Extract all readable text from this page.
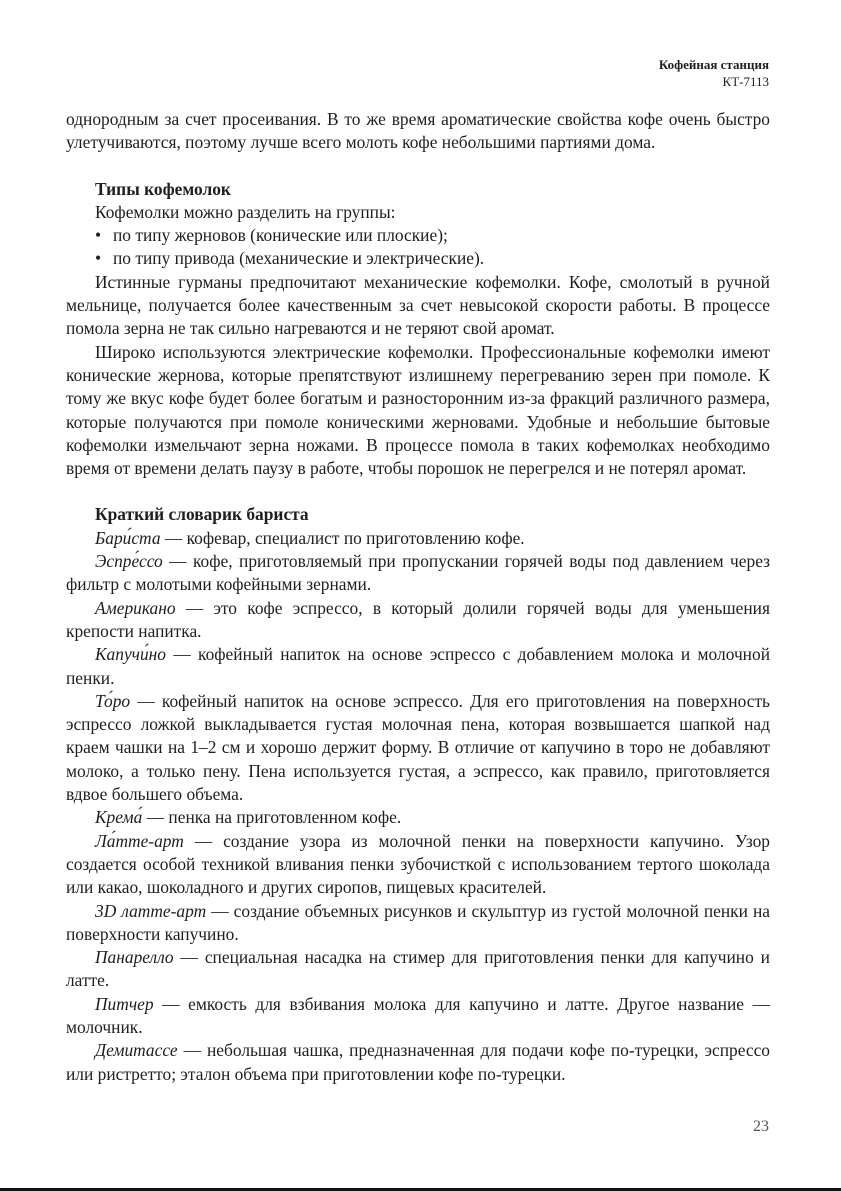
Кофейная станция
КТ-7113

однородным за счет просеивания. В то же время ароматические свойства кофе очень быстро улетучиваются, поэтому лучше всего молоть кофе небольшими партиями дома.

Типы кофемолок

Кофемолки можно разделить на группы:

• по типу жерновов (конические или плоские);
• по типу привода (механические и электрические).

Истинные гурманы предпочитают механические кофемолки. Кофе, смолотый в ручной мельнице, получается более качественным за счет невысокой скорости работы. В процессе помола зерна не так сильно нагреваются и не теряют свой аромат.

Широко используются электрические кофемолки. Профессиональные кофемолки имеют конические жернова, которые препятствуют излишнему перегреванию зерен при помоле. К тому же вкус кофе будет более богатым и разносторонним из-за фракций различного размера, которые получаются при помоле коническими жерновами. Удобные и небольшие бытовые кофемолки измельчают зерна ножами. В процессе помола в таких кофемолках необходимо время от времени делать паузу в работе, чтобы порошок не перегрелся и не потерял аромат.

Краткий словарик бариста

Бари́ста — кофевар, специалист по приготовлению кофе.

Эспре́ссо — кофе, приготовляемый при пропускании горячей воды под давлением через фильтр с молотыми кофейными зернами.

Американо — это кофе эспрессо, в который долили горячей воды для уменьшения крепости напитка.

Капучи́но — кофейный напиток на основе эспрессо с добавлением молока и молочной пенки.

То́ро — кофейный напиток на основе эспрессо. Для его приготовления на поверхность эспрессо ложкой выкладывается густая молочная пена, которая возвышается шапкой над краем чашки на 1–2 см и хорошо держит форму. В отличие от капучино в торо не добавляют молоко, а только пену. Пена используется густая, а эспрессо, как правило, приготовляется вдвое большего объема.

Крема́ — пенка на приготовленном кофе.

Ла́тте-арт — создание узора из молочной пенки на поверхности капучино. Узор создается особой техникой вливания пенки зубочисткой с использованием тертого шоколада или какао, шоколадного и других сиропов, пищевых красителей.

3D латте-арт — создание объемных рисунков и скульптур из густой молочной пенки на поверхности капучино.

Панарелло — специальная насадка на стимер для приготовления пенки для капучино и латте.

Питчер — емкость для взбивания молока для капучино и латте. Другое название — молочник.

Демитассе — небольшая чашка, предназначенная для подачи кофе по-турецки, эспрессо или ристретто; эталон объема при приготовлении кофе по-турецки.

23
